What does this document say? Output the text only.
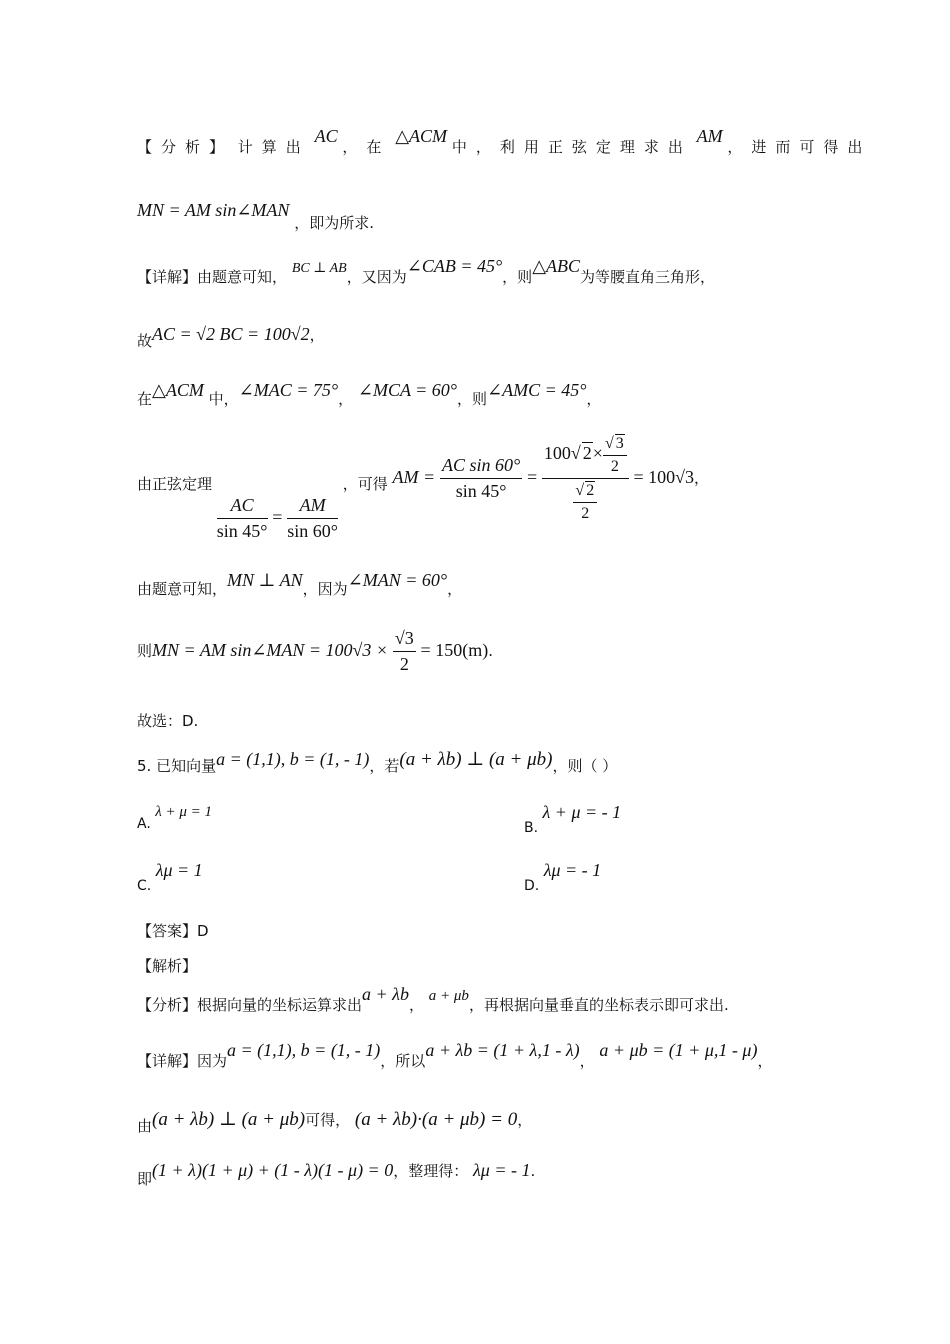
【分析】 计算出 AC ，在 △ACM 中，利用正弦定理求出 AM ，进而可得出
MN = AM sin∠MAN ，即为所求.
【详解】由题意可知， BC ⊥ AB，又因为∠CAB = 45°，则△ABC为等腰直角三角形，
故AC = √2 BC = 100√2，
在△ACM 中，∠MAC = 75°， ∠MCA = 60°，则∠AMC = 45°，
由正弦定理
$\frac{AC}{\sin 45^\circ} = \frac{AM}{\sin 60^\circ}$
，可得 AM = $\frac{\text{AC sin 60°}}{\sin 45^\circ} = \frac{100√ 2\times \frac{√ 3}{2}}{\frac{√ 2}{2}} = 100√3$，
由题意可知，MN ⊥ AN，因为∠MAN = 60°，
则MN = AM sin∠MAN = $100√3 \times \frac{√3}{2} = 150(m)$.
故选：D.
5. 已知向量a = (1,1), b = (1, - 1)，若(a + λb) ⊥ (a + μb)，则（ ）
A. λ + μ = 1
B. λ + μ = - 1
C. λμ = 1
D. λμ = - 1
【答案】D
【解析】
【分析】根据向量的坐标运算求出a + λb， a + μb，再根据向量垂直的坐标表示即可求出.
【详解】因为a = (1,1), b = (1, - 1)，所以a + λb = (1 + λ,1 - λ)， a + μb = (1 + μ,1 - μ)，
由(a + λb) ⊥ (a + μb)可得， (a + λb)·(a + μb) = 0，
即(1 + λ)(1 + μ) + (1 - λ)(1 - μ) = 0，整理得： λμ = - 1.
